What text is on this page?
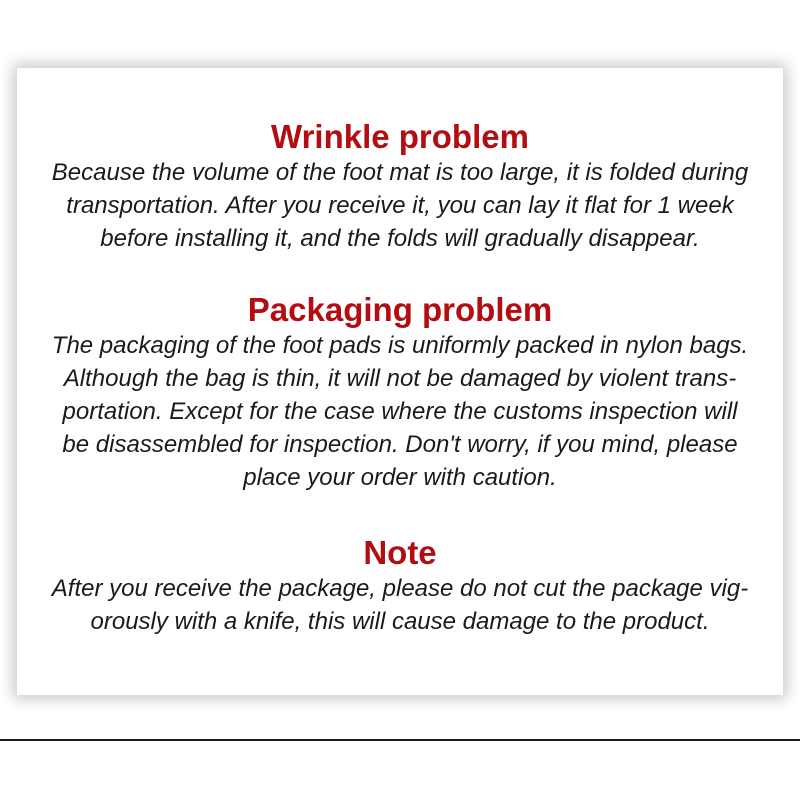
Wrinkle problem
Because the volume of the foot mat is too large, it is folded during
transportation. After you receive it, you can lay it flat for 1 week
before installing it, and the folds will gradually disappear.
Packaging problem
The packaging of the foot pads is uniformly packed in nylon bags.
Although the bag is thin, it will not be damaged by violent trans-
portation. Except for the case where the customs inspection will
be disassembled for inspection. Don't worry, if you mind, please
place your order with caution.
Note
After you receive the package, please do not cut the package vig-
orously with a knife, this will cause damage to the product.
